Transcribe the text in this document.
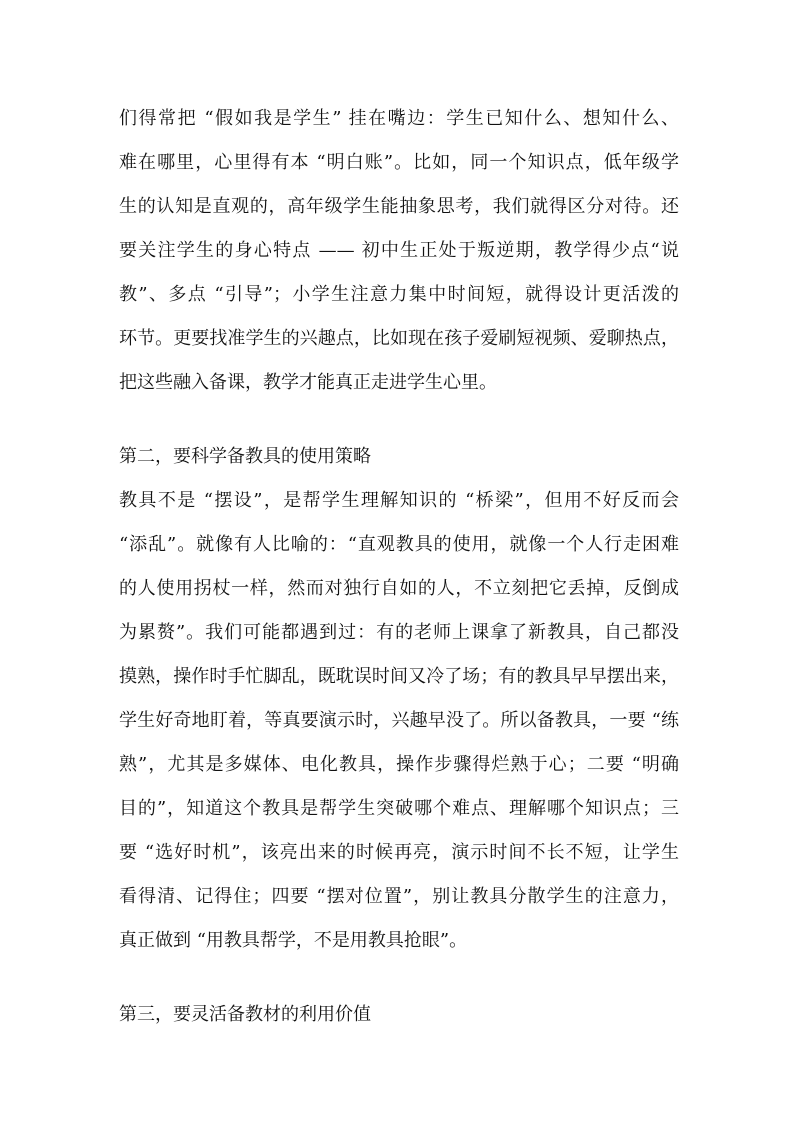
们得常把 “假如我是学生” 挂在嘴边：学生已知什么、想知什么、
难在哪里，心里得有本 “明白账”。比如，同一个知识点，低年级学
生的认知是直观的，高年级学生能抽象思考，我们就得区分对待。还
要关注学生的身心特点 —— 初中生正处于叛逆期，教学得少点“说
教”、多点 “引导”；小学生注意力集中时间短，就得设计更活泼的
环节。更要找准学生的兴趣点，比如现在孩子爱刷短视频、爱聊热点，
把这些融入备课，教学才能真正走进学生心里。
第二，要科学备教具的使用策略
教具不是 “摆设”，是帮学生理解知识的 “桥梁”，但用不好反而会
“添乱”。就像有人比喻的：“直观教具的使用，就像一个人行走困难
的人使用拐杖一样，然而对独行自如的人，不立刻把它丢掉，反倒成
为累赘”。我们可能都遇到过：有的老师上课拿了新教具，自己都没
摸熟，操作时手忙脚乱，既耽误时间又冷了场；有的教具早早摆出来，
学生好奇地盯着，等真要演示时，兴趣早没了。所以备教具，一要 “练
熟”，尤其是多媒体、电化教具，操作步骤得烂熟于心；二要 “明确
目的”，知道这个教具是帮学生突破哪个难点、理解哪个知识点；三
要 “选好时机”，该亮出来的时候再亮，演示时间不长不短，让学生
看得清、记得住；四要 “摆对位置”，别让教具分散学生的注意力，
真正做到 “用教具帮学，不是用教具抢眼”。
第三，要灵活备教材的利用价值
